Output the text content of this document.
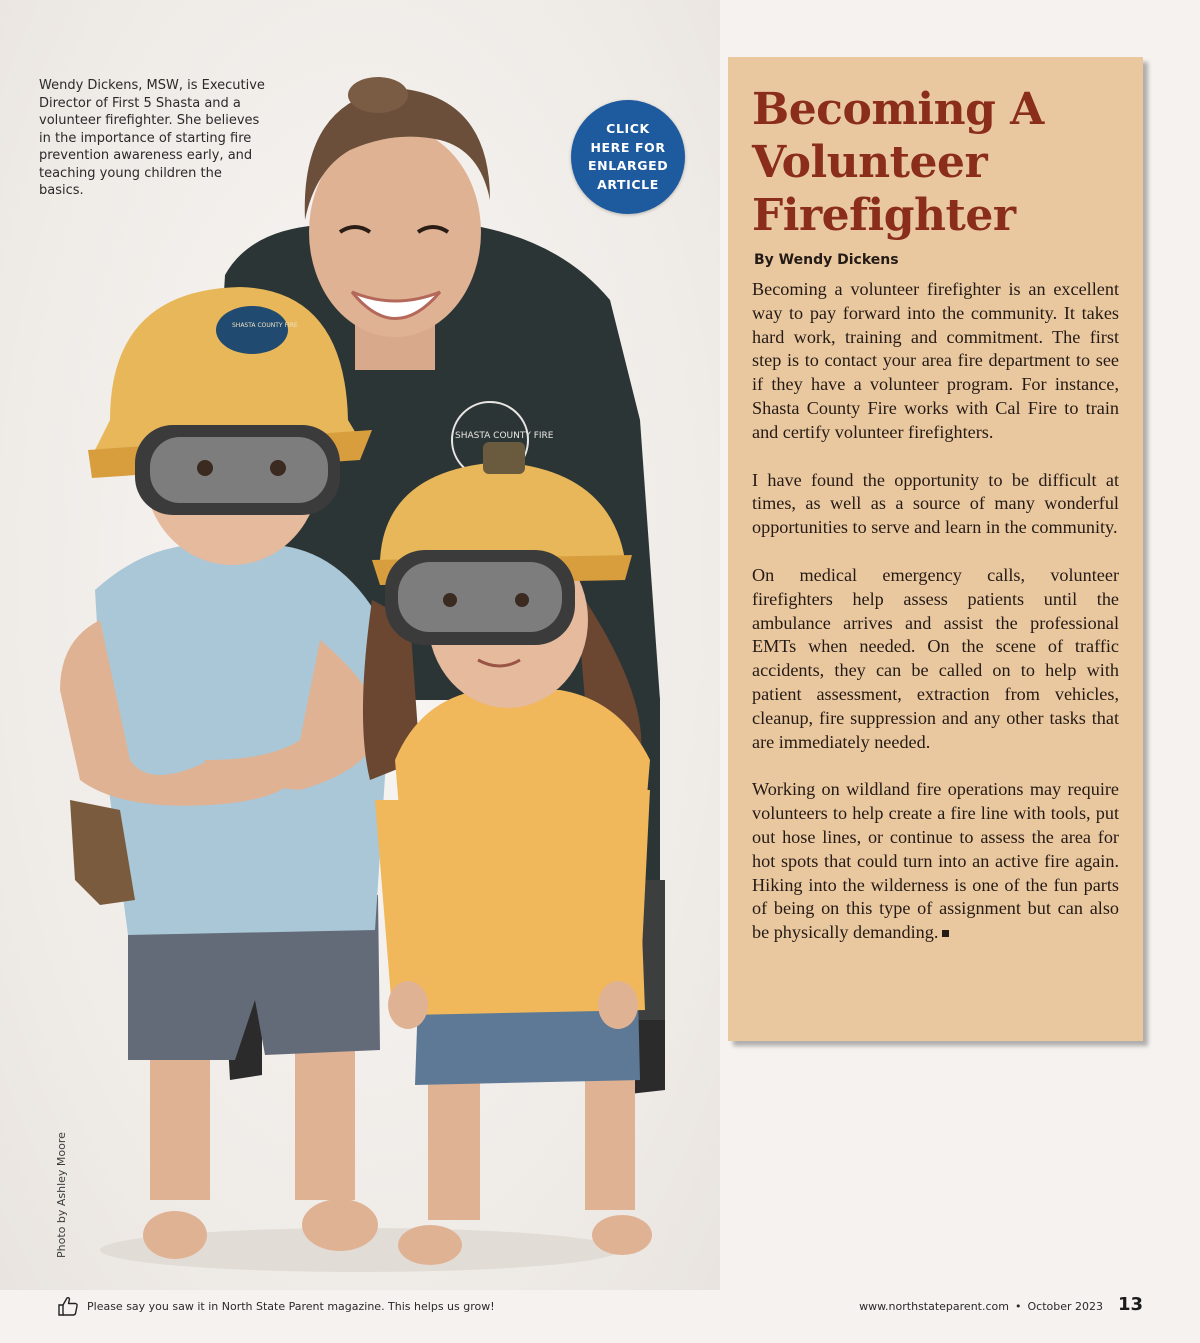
SHASTA COUNTY FIRE
SHASTA COUNTY FIRE
Wendy Dickens, MSW, is Executive Director of First 5 Shasta and a volunteer firefighter. She believes in the importance of starting fire prevention awareness early, and teaching young children the basics.
Photo by Ashley Moore
CLICK HERE FOR ENLARGED ARTICLE
Becoming A Volunteer Firefighter
By Wendy Dickens

Becoming a volunteer firefighter is an excellent way to pay forward into the community. It takes hard work, training and commitment. The first step is to contact your area fire department to see if they have a volunteer program. For instance, Shasta County Fire works with Cal Fire to train and certify volunteer firefighters.

I have found the opportunity to be difficult at times, as well as a source of many wonderful opportunities to serve and learn in the community.

On medical emergency calls, volunteer firefighters help assess patients until the ambulance arrives and assist the professional EMTs when needed. On the scene of traffic accidents, they can be called on to help with patient assessment, extraction from vehicles, cleanup, fire suppression and any other tasks that are immediately needed.

Working on wildland fire operations may require volunteers to help create a fire line with tools, put out hose lines, or continue to assess the area for hot spots that could turn into an active fire again. Hiking into the wilderness is one of the fun parts of being on this type of assignment but can also be physically demanding.

Please say you saw it in North State Parent magazine. This helps us grow!	www.northstateparent.com • October 2023 13
